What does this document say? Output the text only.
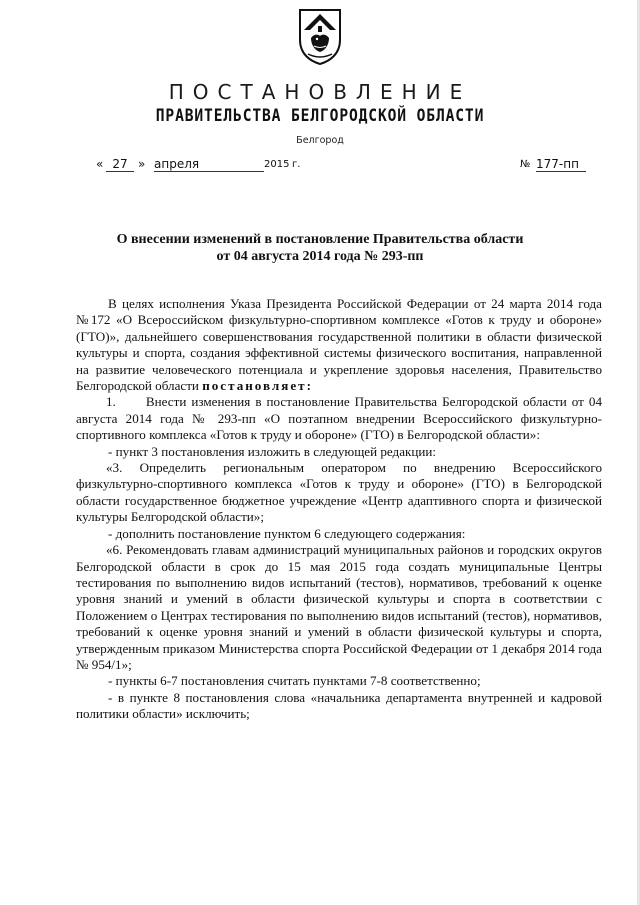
ПОСТАНОВЛЕНИЕ
ПРАВИТЕЛЬСТВА БЕЛГОРОДСКОЙ ОБЛАСТИ
Белгород
« 27 » апреля	2015 г.	№ 177-пп
О внесении изменений в постановление Правительства области
от 04 августа 2014 года № 293-пп

В целях исполнения Указа Президента Российской Федерации от 24 марта 2014 года №172 «О Всероссийском физкультурно-спортивном комплексе «Готов к труду и обороне» (ГТО)», дальнейшего совершенствования государственной политики в области физической культуры и спорта, создания эффективной системы физического воспитания, направленной на развитие человеческого потенциала и укрепление здоровья населения, Правительство Белгородской области постановляет:

1.      Внести изменения в постановление Правительства Белгородской области от 04 августа 2014 года № 293-пп «О поэтапном внедрении Всероссийского физкультурно-спортивного комплекса «Готов к труду и обороне» (ГТО) в Белгородской области»:

- пункт 3 постановления изложить в следующей редакции:

«3. Определить региональным оператором по внедрению Всероссийского физкультурно-спортивного комплекса «Готов к труду и обороне» (ГТО) в Белгородской области государственное бюджетное учреждение «Центр адаптивного спорта и физической культуры Белгородской области»;

- дополнить постановление пунктом 6 следующего содержания:

«6. Рекомендовать главам администраций муниципальных районов и городских округов Белгородской области в срок до 15 мая 2015 года создать муниципальные Центры тестирования по выполнению видов испытаний (тестов), нормативов, требований к оценке уровня знаний и умений в области физической культуры и спорта в соответствии с Положением о Центрах тестирования по выполнению видов испытаний (тестов), нормативов, требований к оценке уровня знаний и умений в области физической культуры и спорта, утвержденным приказом Министерства спорта Российской Федерации от 1 декабря 2014 года № 954/1»;

- пункты 6-7 постановления считать пунктами 7-8 соответственно;

- в пункте 8 постановления слова «начальника департамента внутренней и кадровой политики области» исключить;
